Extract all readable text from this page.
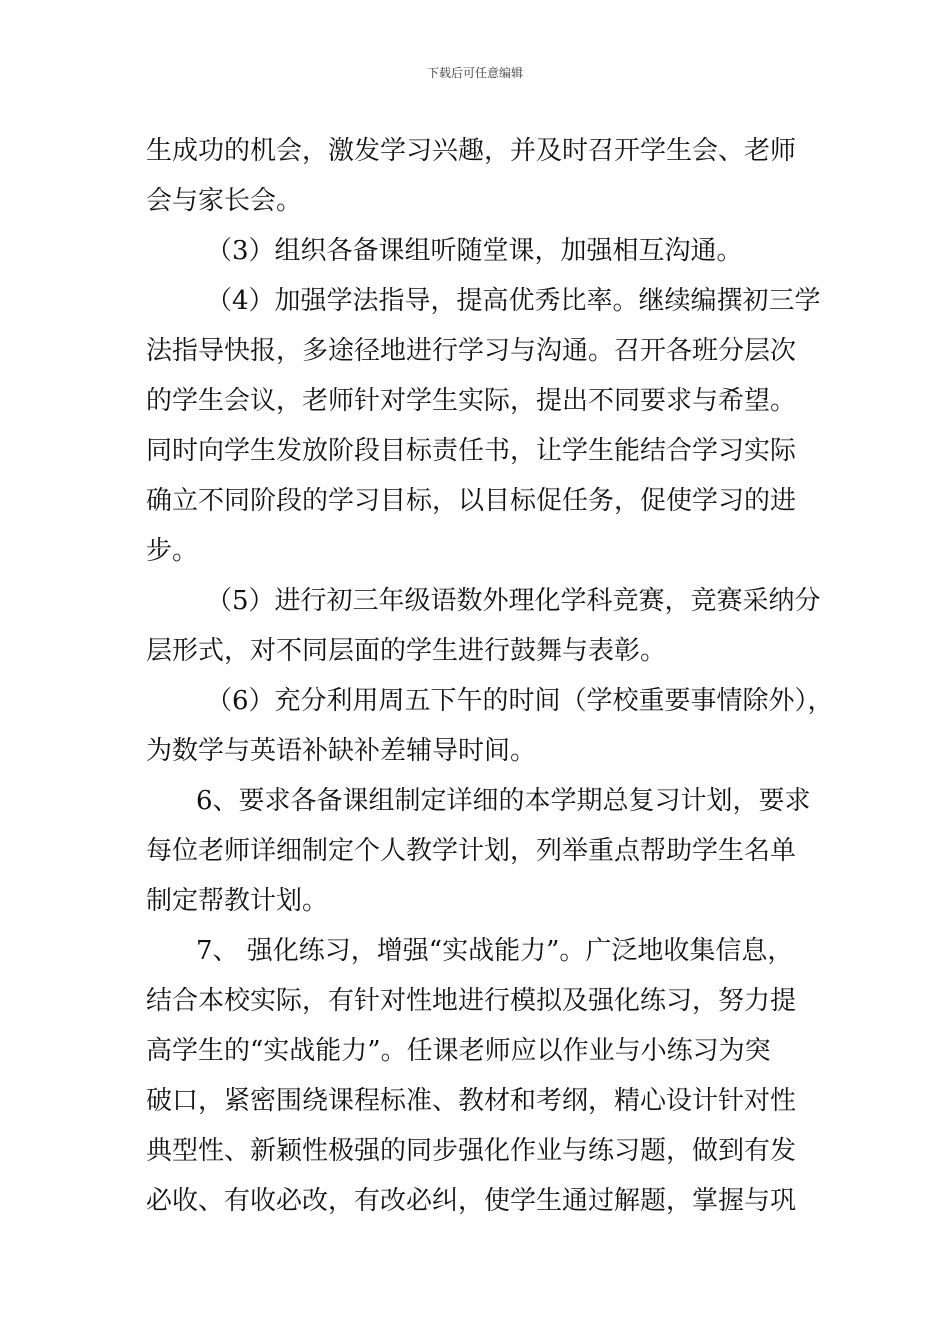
下载后可任意编辑
生成功的机会，激发学习兴趣，并及时召开学生会、老师
会与家长会。
（3）组织各备课组听随堂课，加强相互沟通。
（4）加强学法指导，提高优秀比率。继续编撰初三学
法指导快报，多途径地进行学习与沟通。召开各班分层次
的学生会议，老师针对学生实际，提出不同要求与希望。
同时向学生发放阶段目标责任书，让学生能结合学习实际
确立不同阶段的学习目标，以目标促任务，促使学习的进
步。
（5）进行初三年级语数外理化学科竞赛，竞赛采纳分
层形式，对不同层面的学生进行鼓舞与表彰。
（6）充分利用周五下午的时间（学校重要事情除外），
为数学与英语补缺补差辅导时间。
6、要求各备课组制定详细的本学期总复习计划，要求
每位老师详细制定个人教学计划，列举重点帮助学生名单
制定帮教计划。
7、 强化练习，增强“实战能力”。广泛地收集信息，
结合本校实际，有针对性地进行模拟及强化练习，努力提
高学生的“实战能力”。任课老师应以作业与小练习为突
破口，紧密围绕课程标准、教材和考纲，精心设计针对性
典型性、新颖性极强的同步强化作业与练习题，做到有发
必收、有收必改，有改必纠，使学生通过解题，掌握与巩
